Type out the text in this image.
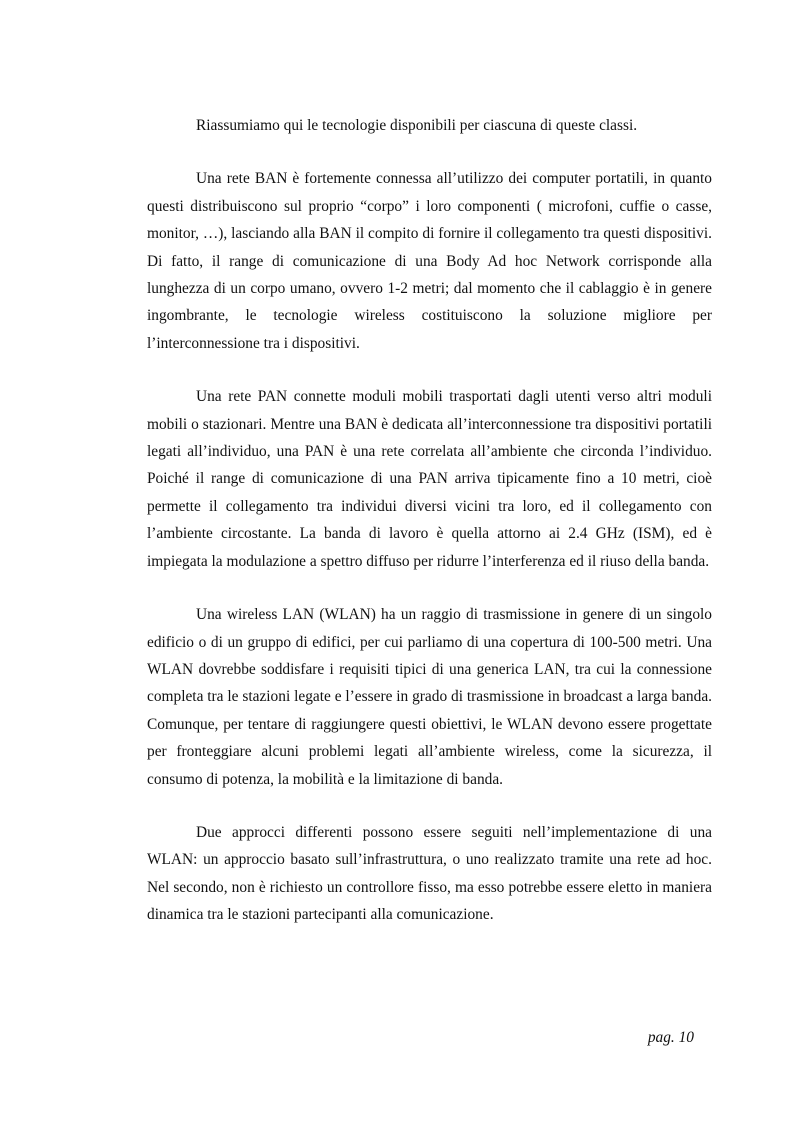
Riassumiamo qui le tecnologie disponibili per ciascuna di queste classi.

Una rete BAN è fortemente connessa all’utilizzo dei computer portatili, in quanto questi distribuiscono sul proprio “corpo” i loro componenti ( microfoni, cuffie o casse, monitor, …), lasciando alla BAN il compito di fornire il collegamento tra questi dispositivi. Di fatto, il range di comunicazione di una Body Ad hoc Network corrisponde alla lunghezza di un corpo umano, ovvero 1-2 metri; dal momento che il cablaggio è in genere ingombrante, le tecnologie wireless costituiscono la soluzione migliore per l’interconnessione tra i dispositivi.

Una rete PAN connette moduli mobili trasportati dagli utenti verso altri moduli mobili o stazionari. Mentre una BAN è dedicata all’interconnessione tra dispositivi portatili legati all’individuo, una PAN è una rete correlata all’ambiente che circonda l’individuo. Poiché il range di comunicazione di una PAN arriva tipicamente fino a 10 metri, cioè permette il collegamento tra individui diversi vicini tra loro, ed il collegamento con l’ambiente circostante. La banda di lavoro è quella attorno ai 2.4 GHz (ISM), ed è impiegata la modulazione a spettro diffuso per ridurre l’interferenza ed il riuso della banda.

Una wireless LAN (WLAN) ha un raggio di trasmissione in genere di un singolo edificio o di un gruppo di edifici, per cui parliamo di una copertura di 100-500 metri. Una WLAN dovrebbe soddisfare i requisiti tipici di una generica LAN, tra cui la connessione completa tra le stazioni legate e l’essere in grado di trasmissione in broadcast a larga banda. Comunque, per tentare di raggiungere questi obiettivi, le WLAN devono essere progettate per fronteggiare alcuni problemi legati all’ambiente wireless, come la sicurezza, il consumo di potenza, la mobilità e la limitazione di banda.

Due approcci differenti possono essere seguiti nell’implementazione di una WLAN: un approccio basato sull’infrastruttura, o uno realizzato tramite una rete ad hoc. Nel secondo, non è richiesto un controllore fisso, ma esso potrebbe essere eletto in maniera dinamica tra le stazioni partecipanti alla comunicazione.

pag. 10
